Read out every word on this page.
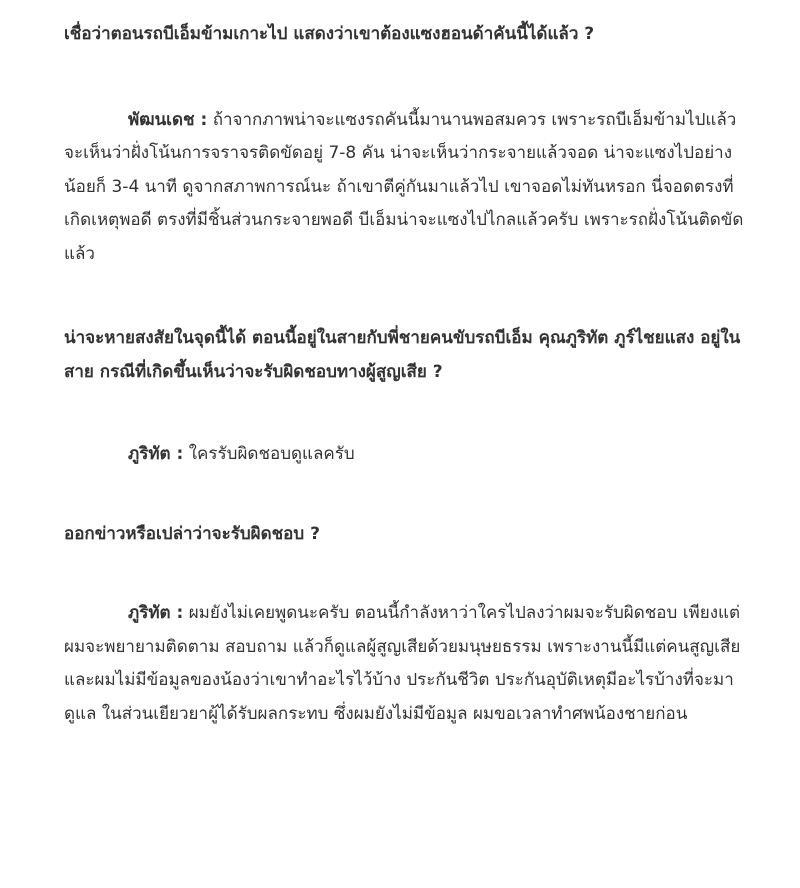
เชื่อว่าตอนรถบีเอ็มข้ามเกาะไป แสดงว่าเขาต้องแซงฮอนด้าคันนี้ได้แล้ว ?

พัฒนเดช : ถ้าจากภาพน่าจะแซงรถคันนี้มานานพอสมควร เพราะรถบีเอ็มข้ามไปแล้ว จะเห็นว่าฝั่งโน้นการจราจรติดขัดอยู่ 7-8 คัน น่าจะเห็นว่ากระจายแล้วจอด น่าจะแซงไปอย่างน้อยก็ 3-4 นาที ดูจากสภาพการณ์นะ ถ้าเขาตีคู่กันมาแล้วไป เขาจอดไม่ทันหรอก นี่จอดตรงที่เกิดเหตุพอดี ตรงที่มีชิ้นส่วนกระจายพอดี บีเอ็มน่าจะแซงไปไกลแล้วครับ เพราะรถฝั่งโน้นติดขัดแล้ว

น่าจะหายสงสัยในจุดนี้ได้ ตอนนี้อยู่ในสายกับพี่ชายคนขับรถบีเอ็ม คุณภูริทัต ภูร์ไชยแสง อยู่ในสาย กรณีที่เกิดขึ้นเห็นว่าจะรับผิดชอบทางผู้สูญเสีย ?

ภูริทัต : ใครรับผิดชอบดูแลครับ

ออกข่าวหรือเปล่าว่าจะรับผิดชอบ ?

ภูริทัต : ผมยังไม่เคยพูดนะครับ ตอนนี้กำลังหาว่าใครไปลงว่าผมจะรับผิดชอบ เพียงแต่ผมจะพยายามติดตาม สอบถาม แล้วก็ดูแลผู้สูญเสียด้วยมนุษยธรรม เพราะงานนี้มีแต่คนสูญเสีย และผมไม่มีข้อมูลของน้องว่าเขาทำอะไรไว้บ้าง ประกันชีวิต ประกันอุบัติเหตุมีอะไรบ้างที่จะมาดูแล ในส่วนเยียวยาผู้ได้รับผลกระทบ ซึ่งผมยังไม่มีข้อมูล ผมขอเวลาทำศพน้องชายก่อน
